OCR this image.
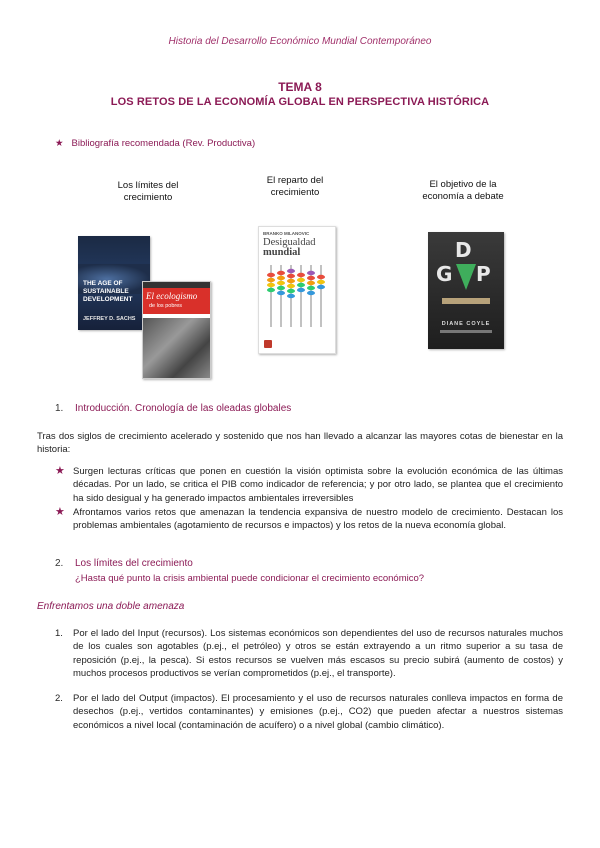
Historia del Desarrollo Económico Mundial Contemporáneo
TEMA 8
LOS RETOS DE LA ECONOMÍA GLOBAL EN PERSPECTIVA HISTÓRICA
★ Bibliografía recomendada (Rev. Productiva)
Los límites del
crecimiento
El reparto del
crecimiento
El objetivo de la
economía a debate
THE AGE OF
SUSTAINABLE
DEVELOPMENT
JEFFREY D. SACHS
El ecologismo
de los pobres
BRANKO MILANOVIC
Desigualdad
mundial	D
G P
DIANE COYLE
1. Introducción. Cronología de las oleadas globales
Tras dos siglos de crecimiento acelerado y sostenido que nos han llevado a alcanzar las mayores cotas de bienestar en la historia:
★ Surgen lecturas críticas que ponen en cuestión la visión optimista sobre la evolución económica de las últimas décadas. Por un lado, se critica el PIB como indicador de referencia; y por otro lado, se plantea que el crecimiento ha sido desigual y ha generado impactos ambientales irreversibles
★ Afrontamos varios retos que amenazan la tendencia expansiva de nuestro modelo de crecimiento. Destacan los problemas ambientales (agotamiento de recursos e impactos) y los retos de la nueva economía global.
2. Los límites del crecimiento
¿Hasta qué punto la crisis ambiental puede condicionar el crecimiento económico?
Enfrentamos una doble amenaza
1.	Por el lado del Input (recursos). Los sistemas económicos son dependientes del uso de recursos naturales muchos de los cuales son agotables (p.ej., el petróleo) y otros se están extrayendo a un ritmo superior a su tasa de reposición (p.ej., la pesca). Si estos recursos se vuelven más escasos su precio subirá (aumento de costos) y muchos procesos productivos se verían comprometidos (p.ej., el transporte).
2.	Por el lado del Output (impactos). El procesamiento y el uso de recursos naturales conlleva impactos en forma de desechos (p.ej., vertidos contaminantes) y emisiones (p.ej., CO2) que pueden afectar a nuestros sistemas económicos a nivel local (contaminación de acuífero) o a nivel global (cambio climático).
